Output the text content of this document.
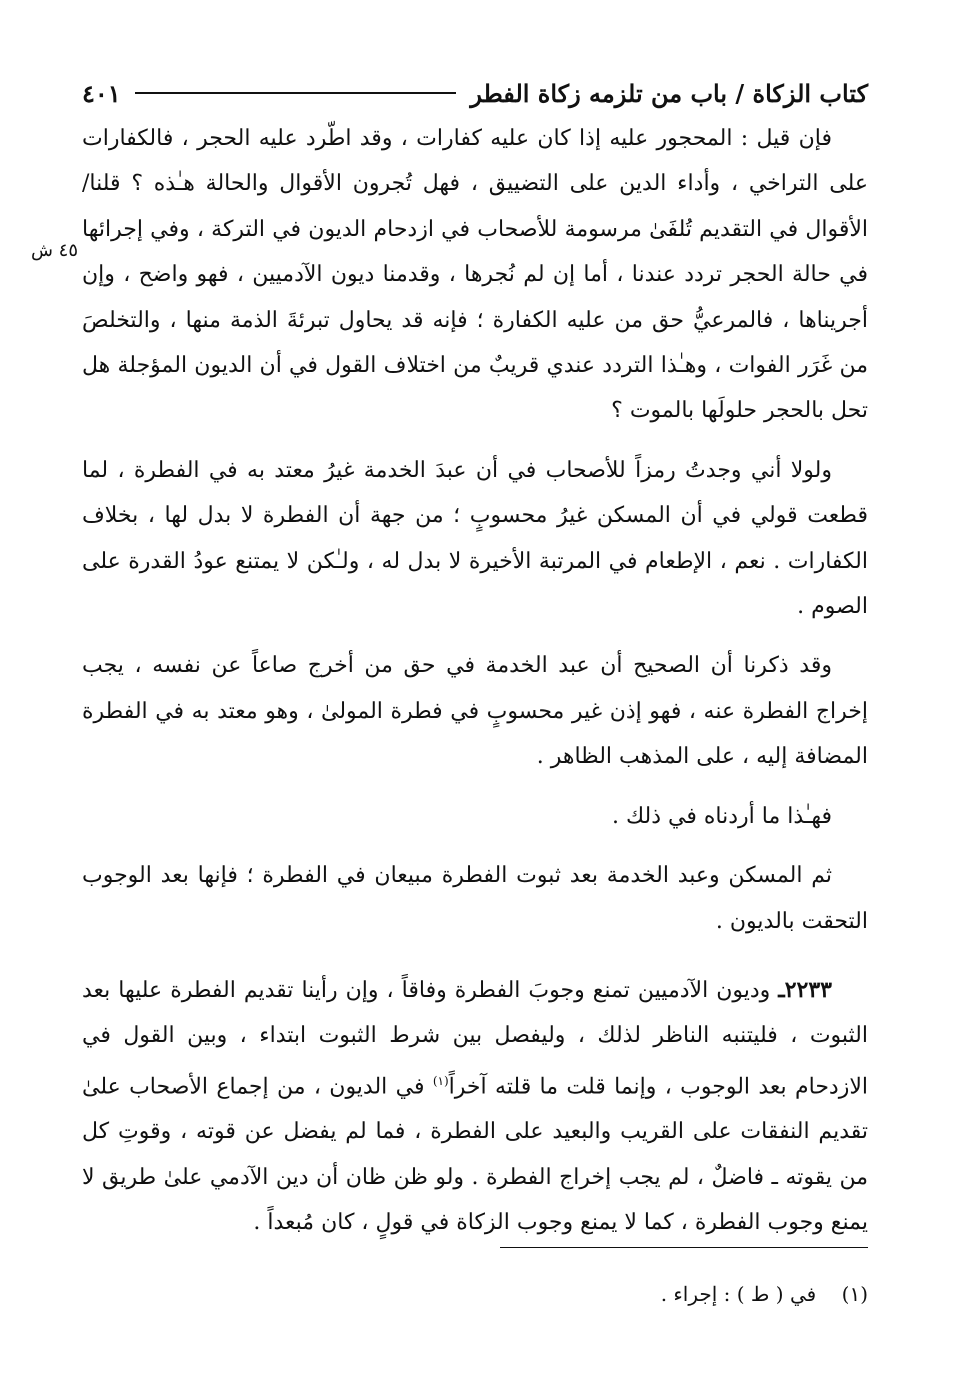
كتاب الزكاة / باب من تلزمه زكاة الفطر
٤٠١

فإن قيل : المحجور عليه إذا كان عليه كفارات ، وقد اطّرد عليه الحجر ، فالكفارات على التراخي ، وأداء الدين على التضييق ، فهل تُجرون الأقوال والحالة هـٰذه ؟ قلنا/ الأقوال في التقديم تُلفَىٰ مرسومة للأصحاب في ازدحام الديون في التركة ، وفي إجرائها في حالة الحجر تردد عندنا ، أما إن لم نُجرها ، وقدمنا ديون الآدميين ، فهو واضح ، وإن أجريناها ، فالمرعيُّ حق من عليه الكفارة ؛ فإنه قد يحاول تبرئةَ الذمة منها ، والتخلصَ من غَرَر الفوات ، وهـٰذا التردد عندي قريبٌ من اختلاف القول في أن الديون المؤجلة هل تحل بالحجر حلولَها بالموت ؟

ولولا أني وجدتُ رمزاً للأصحاب في أن عبدَ الخدمة غيرُ معتد به في الفطرة ، لما قطعت قولي في أن المسكن غيرُ محسوبٍ ؛ من جهة أن الفطرة لا بدل لها ، بخلاف الكفارات . نعم ، الإطعام في المرتبة الأخيرة لا بدل له ، ولـٰكن لا يمتنع عودُ القدرة على الصوم .

وقد ذكرنا أن الصحيح أن عبد الخدمة في حق من أخرج صاعاً عن نفسه ، يجب إخراج الفطرة عنه ، فهو إذن غير محسوبٍ في فطرة المولىٰ ، وهو معتد به في الفطرة المضافة إليه ، على المذهب الظاهر .

فهـٰذا ما أردناه في ذلك .

ثم المسكن وعبد الخدمة بعد ثبوت الفطرة مبيعان في الفطرة ؛ فإنها بعد الوجوب التحقت بالديون .

٢٢٣٣ـ وديون الآدميين تمنع وجوبَ الفطرة وفاقاً ، وإن رأينا تقديم الفطرة عليها بعد الثبوت ، فليتنبه الناظر لذلك ، وليفصل بين شرط الثبوت ابتداء ، وبين القول في الازدحام بعد الوجوب ، وإنما قلت ما قلته آخراً$^{(١)}$ في الديون ، من إجماع الأصحاب علىٰ تقديم النفقات على القريب والبعيد على الفطرة ، فما لم يفضل عن قوته ، وقوتِ كل من يقوته ـ فاضلٌ ، لم يجب إخراج الفطرة . ولو ظن ظان أن دين الآدمي علىٰ طريق لا يمنع وجوب الفطرة ، كما لا يمنع وجوب الزكاة في قولٍ ، كان مُبعداً .

٤٥ ش
(١)    في ( ط ) : إجراء .
